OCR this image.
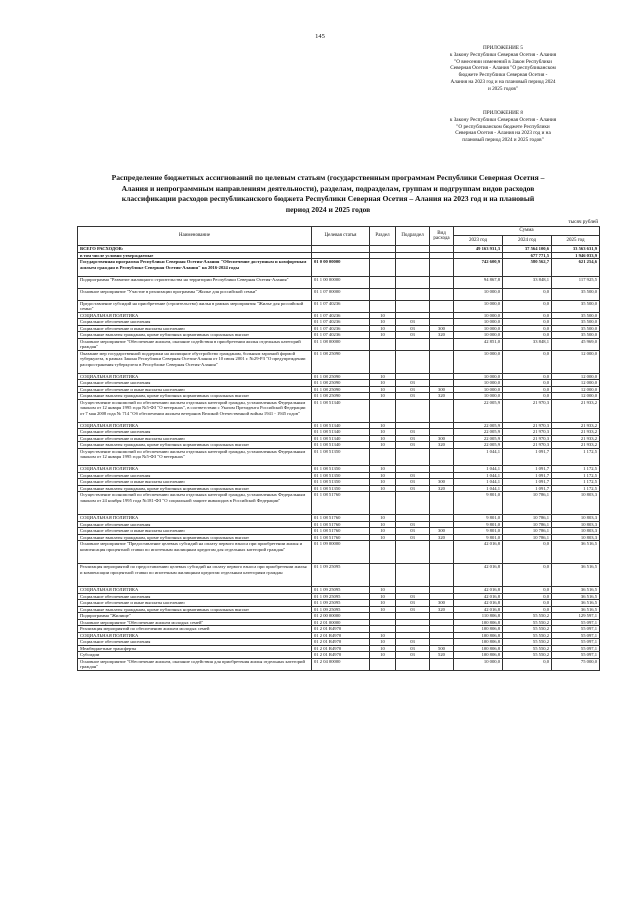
145
ПРИЛОЖЕНИЕ 5
к Закону Республики Северная Осетия - Алания
"О внесении изменений в Закон Республики
Северная Осетия - Алания "О республиканском
бюджете Республики Северная Осетия -
Алания на 2023 год и на плановый период 2024
и 2025 годов"
ПРИЛОЖЕНИЕ 8
к Закону Республики Северная Осетия - Алания
"О республиканском бюджете Республики
Северная Осетия - Алания на 2023 год и на
плановый период 2024 и 2025 годов"
Распределение бюджетных ассигнований по целевым статьям (государственным программам Республики Северная Осетия –
Алания и непрограммным направлениям деятельности), разделам, подразделам, группам и подгруппам видов расходов
классификации расходов республиканского бюджета Республики Северная Осетия – Алания на 2023 год и на плановый
период 2024 и 2025 годов
тысяч рублей
Наименование	Целевая статья	Раздел	Подраздел	Вид расхода	Сумма		
					2023 год	2024 год	2025 год
ВСЕГО РАСХОДОВ:					49 163 931,3	37 564 100,6	33 563 631,9
в том числе условно утверждаемые						677 771,5	1 946 033,9
Государственная программа Республики Северная Осетия-Алания "Обеспечение доступным и комфортным жильем граждан в Республике Северная Осетия-Алания" на 2016-2024 годы	01 0 00 00000				742 600,9	580 562,7	621 254,6
Подпрограмма "Развитие жилищного строительства на территории Республики Северная Осетия-Алания"	01 1 00 00000				94 867,8	33 848,1	117 925,5
Основное мероприятие "Участие в реализации программы "Жилье для российской семьи"	01 1 07 00000				10 000,0	0,0	35 500,0
Предоставление субсидий на приобретение (строительство) жилья в рамках мероприятия "Жилье для российской семьи"	01 1 07 40236				10 000,0	0,0	35 500,0
СОЦИАЛЬНАЯ ПОЛИТИКА	01 1 07 40236	10			10 000,0	0,0	35 500,0
Социальное обеспечение населения	01 1 07 40236	10	03		10 000,0	0,0	35 500,0
Социальное обеспечение и иные выплаты населению	01 1 07 40236	10	03	300	10 000,0	0,0	35 500,0
Социальные выплаты гражданам, кроме публичных нормативных социальных выплат	01 1 07 40236	10	03	320	10 000,0	0,0	35 500,0
Основное мероприятие "Обеспечение жильем, оказание содействия в приобретении жилья отдельных категорий граждан"	01 1 08 00000				42 851,0	33 848,1	45 969,0
Оказание мер государственной поддержки на жилищное обустройство гражданам, больным заразной формой туберкулеза, в рамках Закона Республики Северная Осетия-Алания от 10 июля 2001 г. №29-РЗ "О предупреждении распространения туберкулеза в Республике Северная Осетия-Алания"	01 1 08 25090				10 000,0	0,0	12 000,0
СОЦИАЛЬНАЯ ПОЛИТИКА	01 1 08 25090	10			10 000,0	0,0	12 000,0
Социальное обеспечение населения	01 1 08 25090	10	03		10 000,0	0,0	12 000,0
Социальное обеспечение и иные выплаты населению	01 1 08 25090	10	03	300	10 000,0	0,0	12 000,0
Социальные выплаты гражданам, кроме публичных нормативных социальных выплат	01 1 08 25090	10	03	320	10 000,0	0,0	12 000,0
Осуществление полномочий по обеспечению жильем отдельных категорий граждан, установленных Федеральным законом от 12 января 1995 года №5-ФЗ "О ветеранах", в соответствии с Указом Президента Российской Федерации от 7 мая 2008 года № 714 "Об обеспечении жильем ветеранов Великой Отечественной войны 1941 - 1945 годов"	01 1 08 51340				22 005,9	21 970,3	21 933,2
СОЦИАЛЬНАЯ ПОЛИТИКА	01 1 08 51340	10			22 005,9	21 970,3	21 933,2
Социальное обеспечение населения	01 1 08 51340	10	03		22 005,9	21 970,3	21 933,2
Социальное обеспечение и иные выплаты населению	01 1 08 51340	10	03	300	22 005,9	21 970,3	21 933,2
Социальные выплаты гражданам, кроме публичных нормативных социальных выплат	01 1 08 51340	10	03	320	22 005,9	21 970,3	21 933,2
Осуществление полномочий по обеспечению жильем отдельных категорий граждан, установленных Федеральным законом от 12 января 1995 года №5-ФЗ "О ветеранах"	01 1 08 51350				1 044,1	1 091,7	1 172,5
СОЦИАЛЬНАЯ ПОЛИТИКА	01 1 08 51350	10			1 044,1	1 091,7	1 172,5
Социальное обеспечение населения	01 1 08 51350	10	03		1 044,1	1 091,7	1 172,5
Социальное обеспечение и иные выплаты населению	01 1 08 51350	10	03	300	1 044,1	1 091,7	1 172,5
Социальные выплаты гражданам, кроме публичных нормативных социальных выплат	01 1 08 51350	10	03	320	1 044,1	1 091,7	1 172,5
Осуществление полномочий по обеспечению жильем отдельных категорий граждан, установленных Федеральным законом от 24 ноября 1995 года №181-ФЗ "О социальной защите инвалидов в Российской Федерации"	01 1 08 51760				9 801,0	10 786,1	10 803,3
СОЦИАЛЬНАЯ ПОЛИТИКА	01 1 08 51760	10			9 801,0	10 786,1	10 803,3
Социальное обеспечение населения	01 1 08 51760	10	03		9 801,0	10 786,1	10 803,3
Социальное обеспечение и иные выплаты населению	01 1 08 51760	10	03	300	9 801,0	10 786,1	10 803,3
Социальные выплаты гражданам, кроме публичных нормативных социальных выплат	01 1 08 51760	10	03	320	9 801,0	10 786,1	10 803,3
Основное мероприятие "Предоставление целевых субсидий на оплату первого взноса при приобретении жилья и компенсация процентной ставки по ипотечным жилищным кредитам для отдельных категорий граждан"	01 1 09 00000				42 016,8	0,0	36 516,5
Реализация мероприятий по предоставлению целевых субсидий на оплату первого взноса при приобретении жилья и компенсации процентной ставки по ипотечным жилищным кредитам отдельным категориям граждан	01 1 09 25095				42 016,8	0,0	36 516,5
СОЦИАЛЬНАЯ ПОЛИТИКА	01 1 09 25095	10			42 016,8	0,0	36 516,5
Социальное обеспечение населения	01 1 09 25095	10	03		42 016,8	0,0	36 516,5
Социальное обеспечение и иные выплаты населению	01 1 09 25095	10	03	300	42 016,8	0,0	36 516,5
Социальные выплаты гражданам, кроме публичных нормативных социальных выплат	01 1 09 25095	10	03	320	42 016,8	0,0	36 516,5
Подпрограмма "Жилище"	01 2 00 00000				110 806,8	55 550,2	129 597,1
Основное мероприятие "Обеспечение жильем молодых семей"	01 2 01 00000				100 806,8	55 550,2	55 097,1
Реализация мероприятий по обеспечению жильем молодых семей	01 2 01 R4970				100 806,8	55 550,2	55 097,1
СОЦИАЛЬНАЯ ПОЛИТИКА	01 2 01 R4970	10			100 806,8	55 550,2	55 097,1
Социальное обеспечение населения	01 2 01 R4970	10	03		100 806,8	55 550,2	55 097,1
Межбюджетные трансферты	01 2 01 R4970	10	03	500	100 806,8	55 550,2	55 097,1
Субсидии	01 2 01 R4970	10	03	520	100 806,8	55 550,2	55 097,1
Основное мероприятие "Обеспечение жильем, оказание содействия для приобретения жилья отдельных категорий граждан"	01 2 04 00000				10 000,0	0,0	75 000,0
